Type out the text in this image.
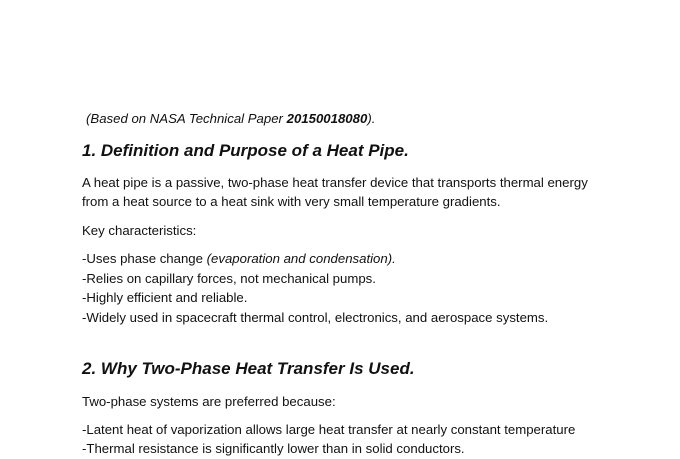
(Based on NASA Technical Paper 20150018080).
1. Definition and Purpose of a Heat Pipe.
A heat pipe is a passive, two-phase heat transfer device that transports thermal energy
from a heat source to a heat sink with very small temperature gradients.
Key characteristics:
-Uses phase change (evaporation and condensation).
-Relies on capillary forces, not mechanical pumps.
-Highly efficient and reliable.
-Widely used in spacecraft thermal control, electronics, and aerospace systems.
2. Why Two-Phase Heat Transfer Is Used.
Two-phase systems are preferred because:
-Latent heat of vaporization allows large heat transfer at nearly constant temperature
-Thermal resistance is significantly lower than in solid conductors.
